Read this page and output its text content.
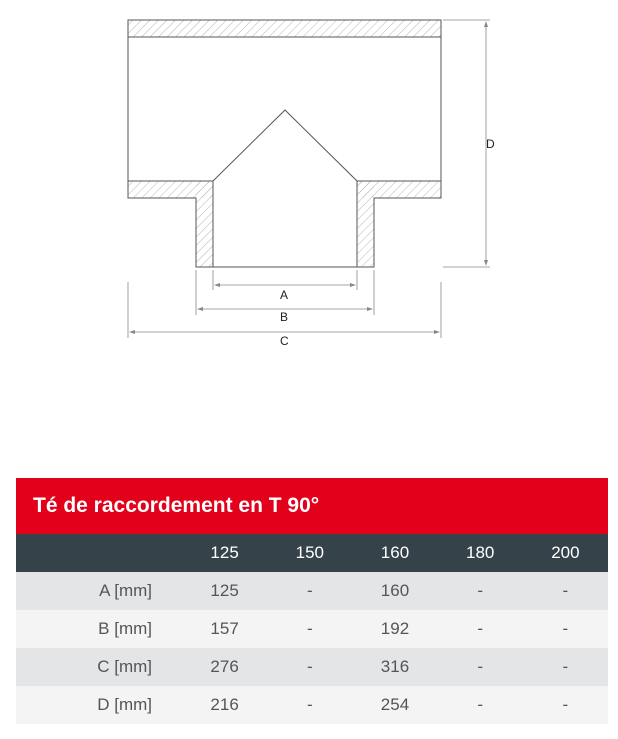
D
A
B
C
Té de raccordement en T 90°
	125	150	160	180	200
A [mm]	125	-	160	-	-
B [mm]	157	-	192	-	-
C [mm]	276	-	316	-	-
D [mm]	216	-	254	-	-
